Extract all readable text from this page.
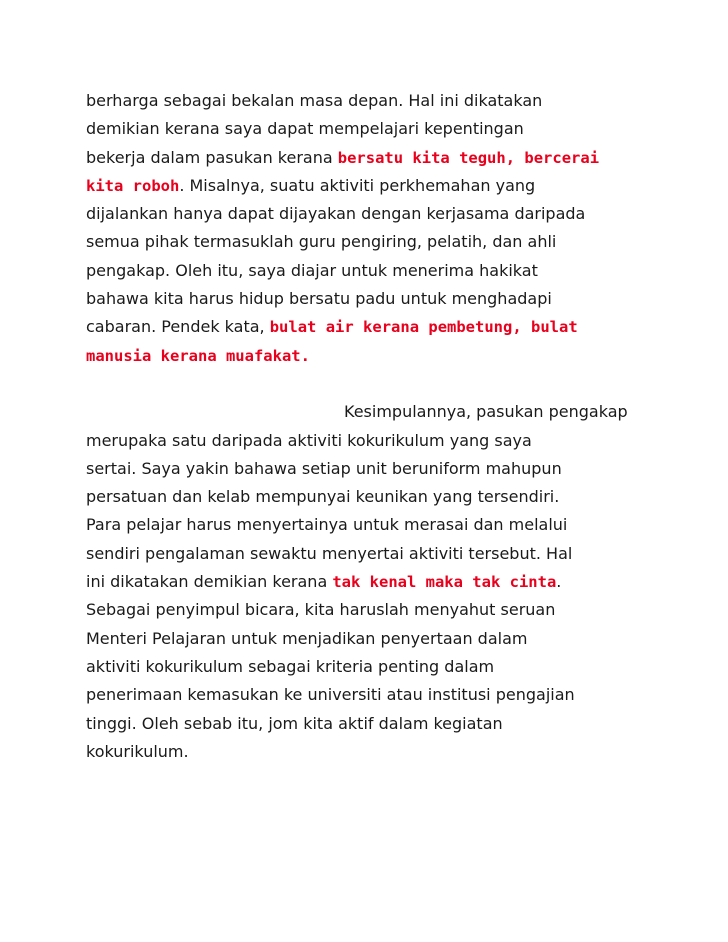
berharga sebagai bekalan masa depan. Hal ini dikatakan
demikian kerana saya dapat mempelajari kepentingan
bekerja dalam pasukan kerana bersatu kita teguh, bercerai
kita roboh. Misalnya, suatu aktiviti perkhemahan yang
dijalankan hanya dapat dijayakan dengan kerjasama daripada
semua pihak termasuklah guru pengiring, pelatih, dan ahli
pengakap. Oleh itu, saya diajar untuk menerima hakikat
bahawa kita harus hidup bersatu padu untuk menghadapi
cabaran. Pendek kata, bulat air kerana pembetung, bulat
manusia kerana muafakat.
Kesimpulannya, pasukan pengakap
merupaka satu daripada aktiviti kokurikulum yang saya
sertai. Saya yakin bahawa setiap unit beruniform mahupun
persatuan dan kelab mempunyai keunikan yang tersendiri.
Para pelajar harus menyertainya untuk merasai dan melalui
sendiri pengalaman sewaktu menyertai aktiviti tersebut. Hal
ini dikatakan demikian kerana tak kenal maka tak cinta.
Sebagai penyimpul bicara, kita haruslah menyahut seruan
Menteri Pelajaran untuk menjadikan penyertaan dalam
aktiviti kokurikulum sebagai kriteria penting dalam
penerimaan kemasukan ke universiti atau institusi pengajian
tinggi. Oleh sebab itu, jom kita aktif dalam kegiatan
kokurikulum.
